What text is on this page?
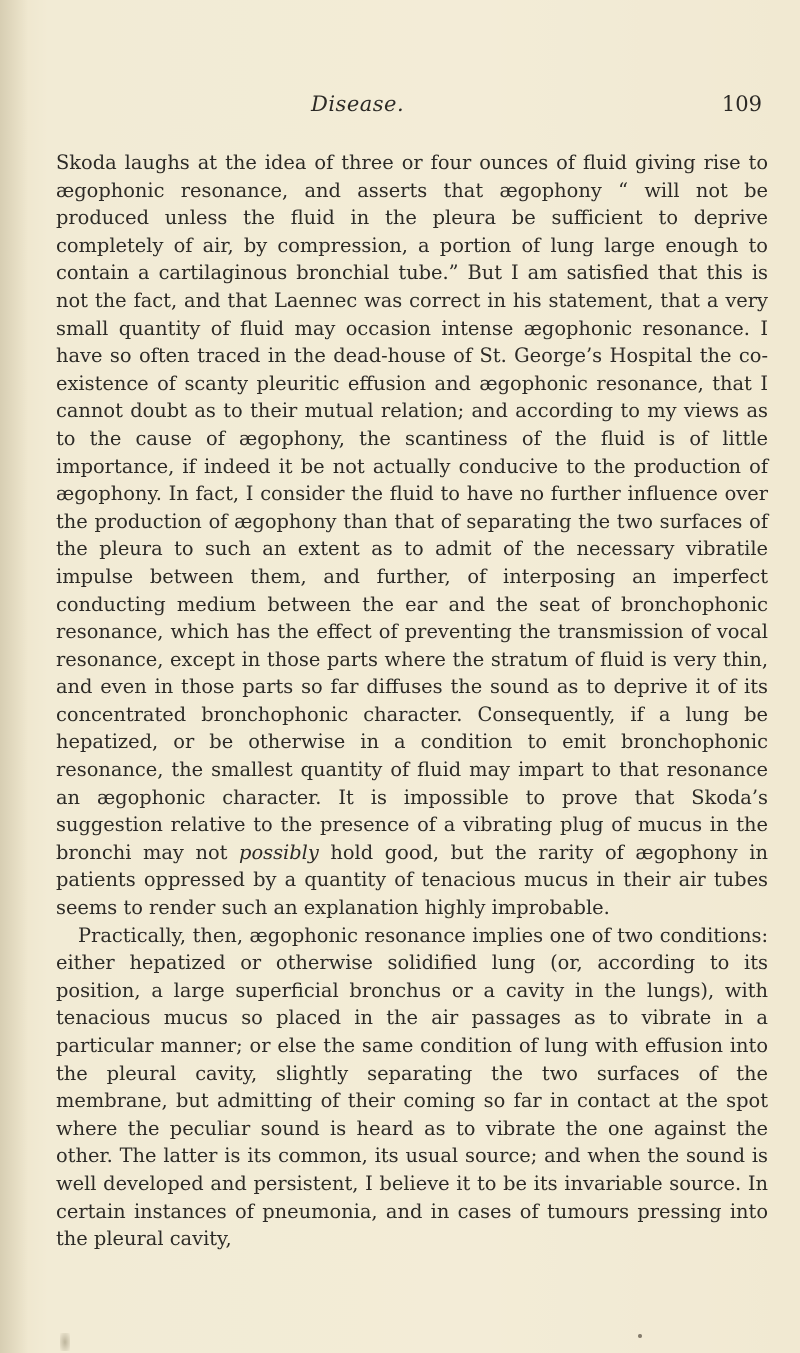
Disease.	109

Skoda laughs at the idea of three or four ounces of fluid giving rise to ægophonic resonance, and asserts that ægophony “ will not be produced unless the fluid in the pleura be sufficient to deprive completely of air, by compression, a portion of lung large enough to contain a cartilaginous bronchial tube.” But I am satisfied that this is not the fact, and that Laennec was correct in his statement, that a very small quantity of fluid may occasion intense ægophonic resonance. I have so often traced in the dead-house of St. George’s Hospital the co-existence of scanty pleuritic effusion and ægophonic resonance, that I cannot doubt as to their mutual relation; and according to my views as to the cause of ægophony, the scantiness of the fluid is of little importance, if indeed it be not actually conducive to the production of ægophony. In fact, I consider the fluid to have no further influence over the production of ægophony than that of separating the two surfaces of the pleura to such an extent as to admit of the necessary vibratile impulse between them, and further, of interposing an imperfect conducting medium between the ear and the seat of bronchophonic resonance, which has the effect of preventing the transmission of vocal resonance, except in those parts where the stratum of fluid is very thin, and even in those parts so far diffuses the sound as to deprive it of its concentrated bronchophonic character. Consequently, if a lung be hepatized, or be otherwise in a condition to emit bronchophonic resonance, the smallest quantity of fluid may impart to that resonance an ægophonic character. It is impossible to prove that Skoda’s suggestion relative to the presence of a vibrating plug of mucus in the bronchi may not possibly hold good, but the rarity of ægophony in patients oppressed by a quantity of tenacious mucus in their air tubes seems to render such an explanation highly improbable.

Practically, then, ægophonic resonance implies one of two conditions: either hepatized or otherwise solidified lung (or, according to its position, a large superficial bronchus or a cavity in the lungs), with tenacious mucus so placed in the air passages as to vibrate in a particular manner; or else the same condition of lung with effusion into the pleural cavity, slightly separating the two surfaces of the membrane, but admitting of their coming so far in contact at the spot where the peculiar sound is heard as to vibrate the one against the other. The latter is its common, its usual source; and when the sound is well developed and persistent, I believe it to be its invariable source. In certain instances of pneumonia, and in cases of tumours pressing into the pleural cavity,
